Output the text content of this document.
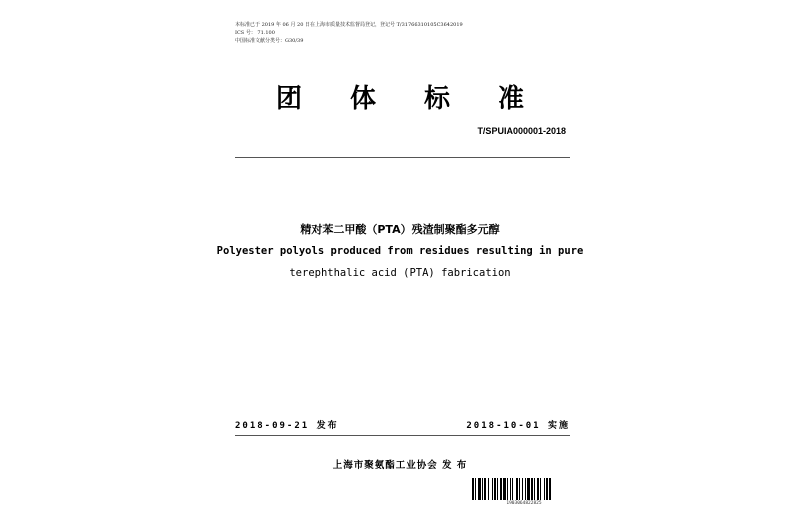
本标准已于 2019 年 06 月 20 日在上海市质量技术监督局登记，登记号 T/31766310105C3642019
ICS 号： 71.100
中国标准文献分类号：G30/39
团体标准
T/SPUIA000001-2018
精对苯二甲酸（PTA）残渣制聚酯多元醇
Polyester polyols produced from residues resulting in pure
terephthalic acid (PTA) fabrication
2018-09-21 发布	2018-10-01 实施
上海市聚氨酯工业协会 发 布
1903064822825
